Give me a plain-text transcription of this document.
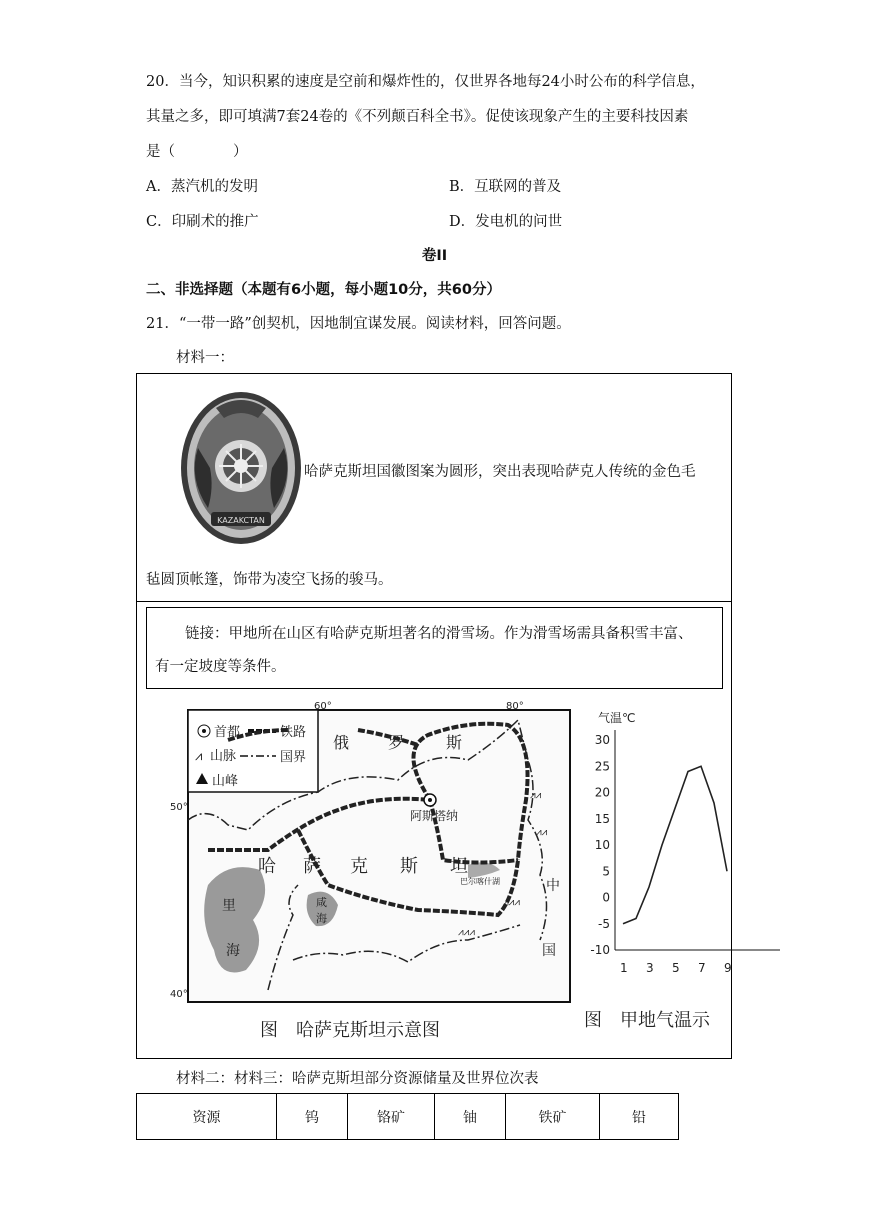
20．当今，知识积累的速度是空前和爆炸性的，仅世界各地每24小时公布的科学信息，
其量之多，即可填满7套24卷的《不列颠百科全书》。促使该现象产生的主要科技因素
是（　　　　）
A．蒸汽机的发明	B．互联网的普及
C．印刷术的推广	D．发电机的问世
卷II
二、非选择题（本题有6小题，每小题10分，共60分）
21．“一带一路”创契机，因地制宜谋发展。阅读材料，回答问题。
材料一：
KAZAKCTAN
哈萨克斯坦国徽图案为圆形，突出表现哈萨克人传统的金色毛
毡圆顶帐篷，饰带为凌空飞扬的骏马。
链接：甲地所在山区有哈萨克斯坦著名的滑雪场。作为滑雪场需具备积雪丰富、
有一定坡度等条件。
首都	铁路
⩘ 山脉	国界
山峰
60°	80°
50°
40°
⩘⩘
⩘⩘
⩘⩘⩘
⩘⩘⩘
阿斯塔纳
俄 罗	斯
哈 萨 克 斯 坦
里
海
咸
海
巴尔喀什湖	中
国
图　哈萨克斯坦示意图
气温℃
30
25
20
15
10
5
0
-5
-10
1 3 5 7 9
图　甲地气温示
材料二：材料三：哈萨克斯坦部分资源储量及世界位次表
资源	钨	铬矿	铀	铁矿	铅
